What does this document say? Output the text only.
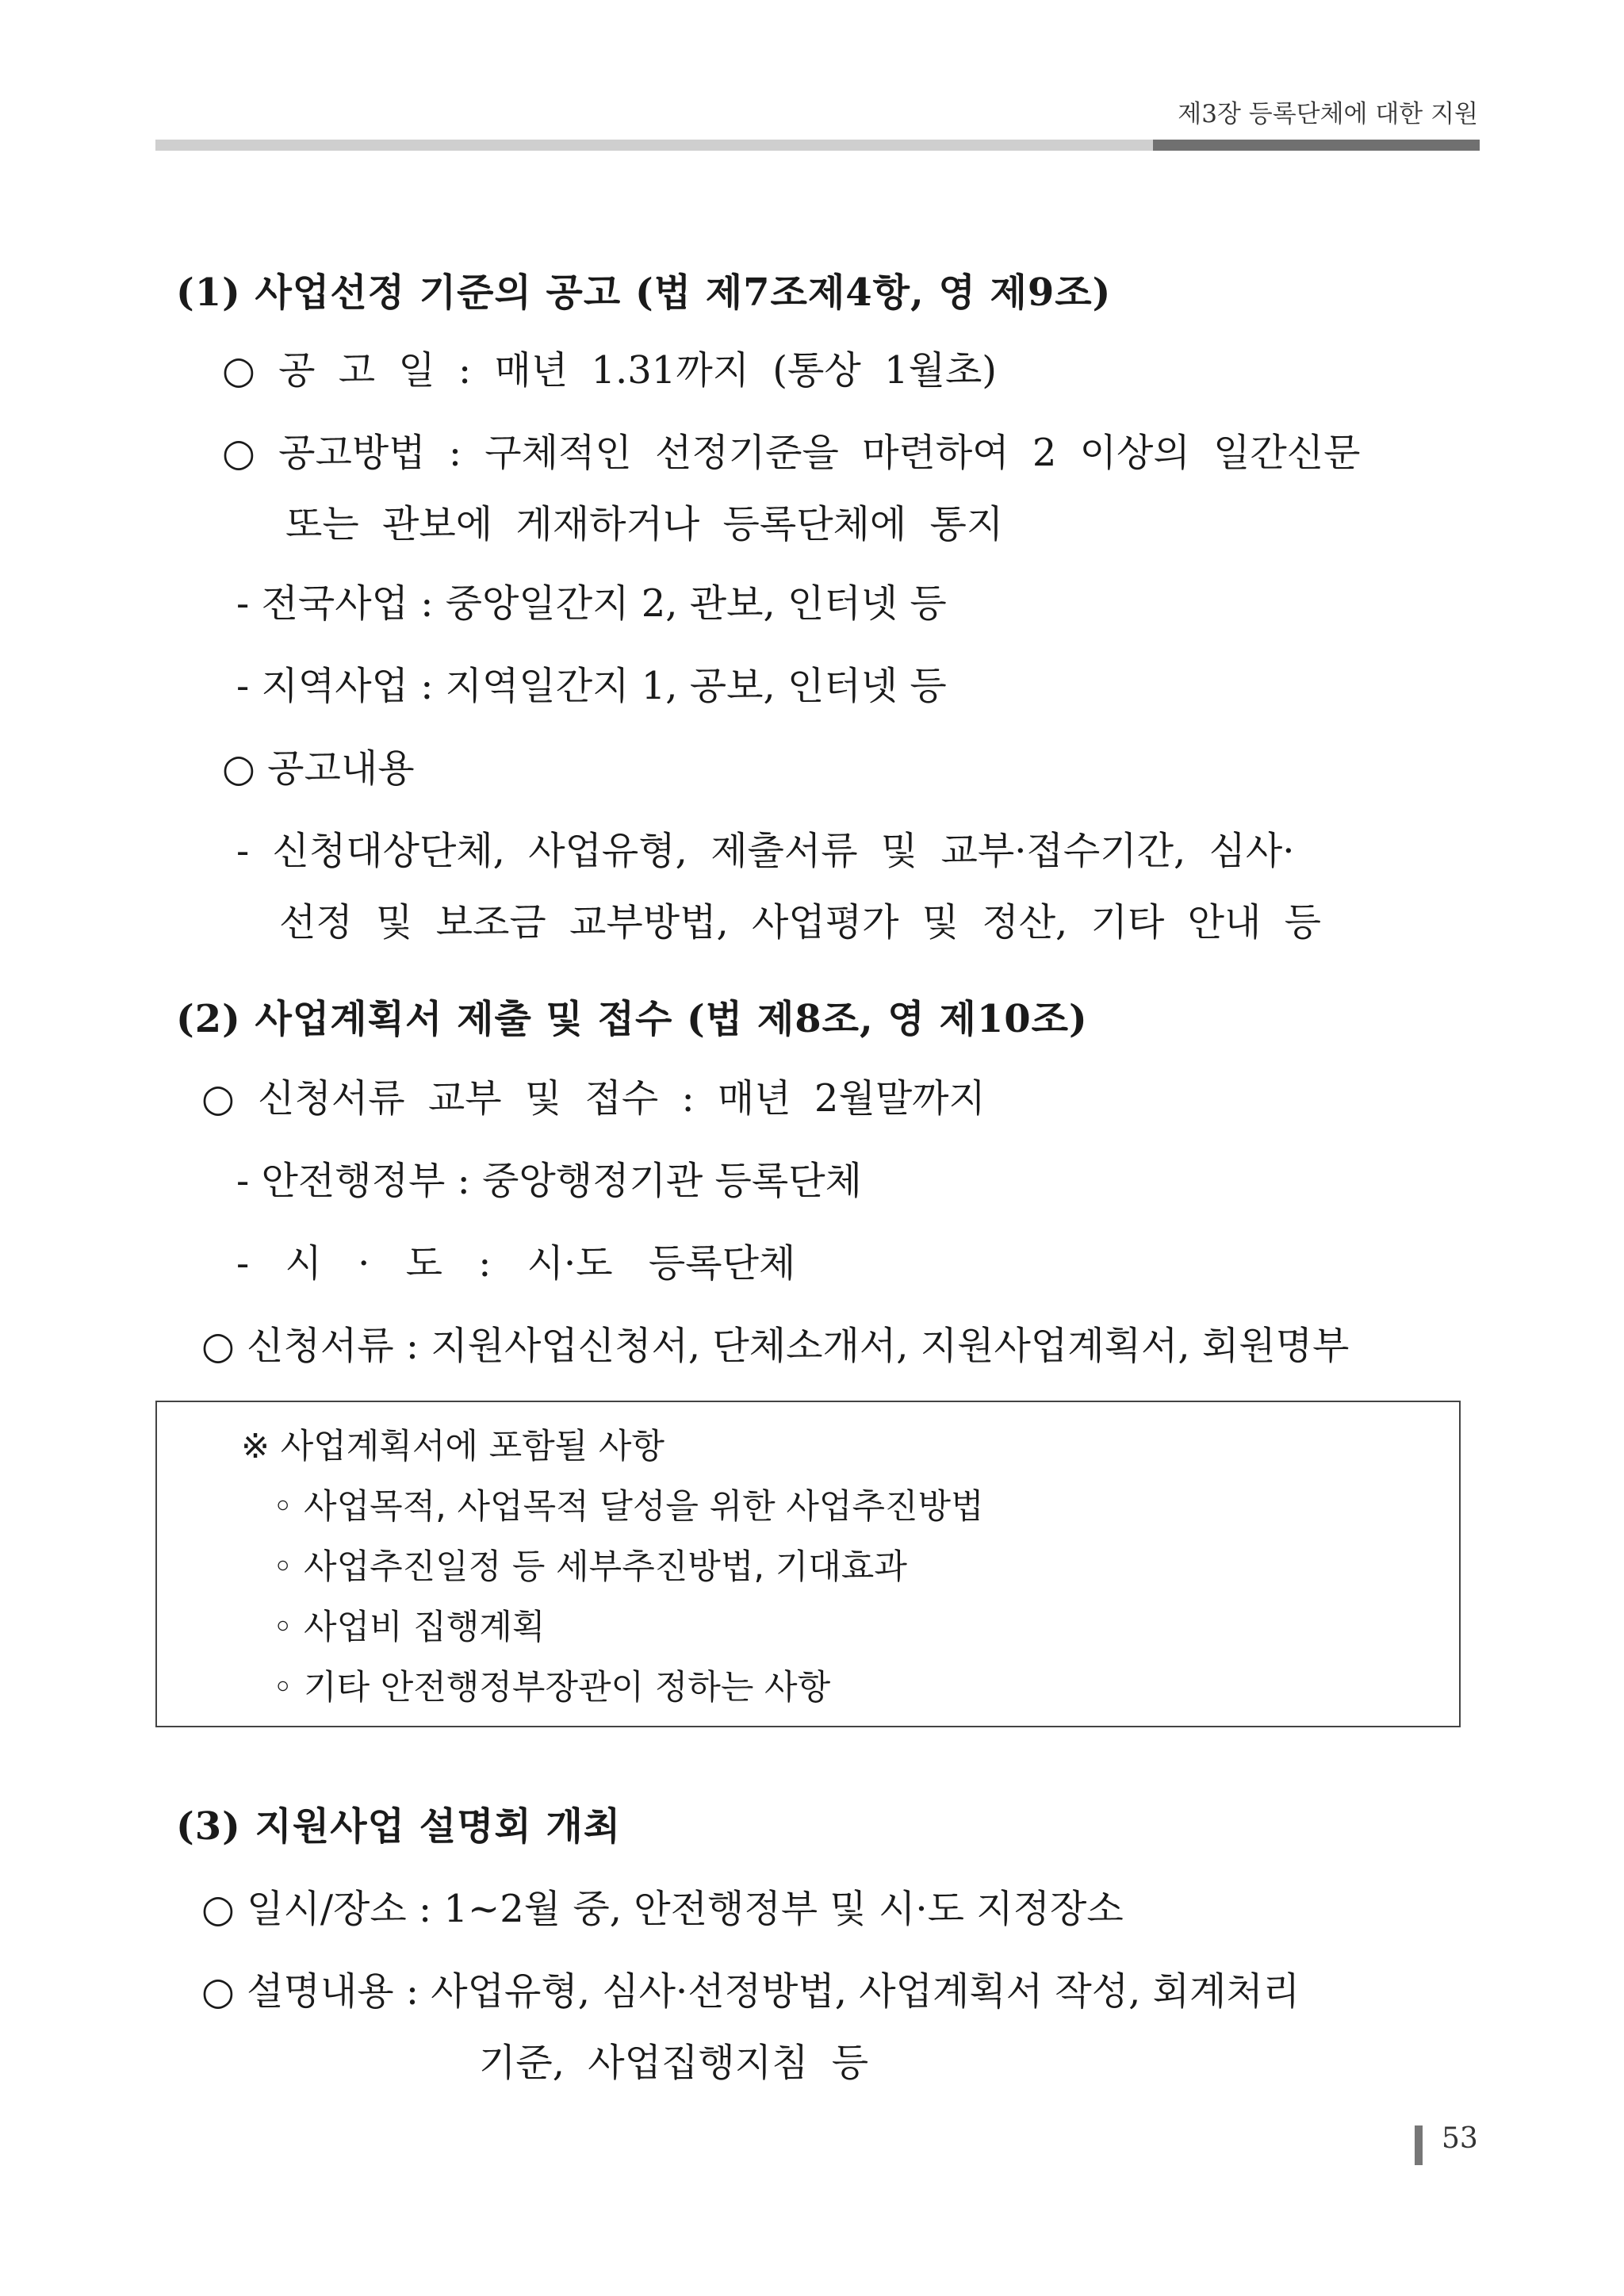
제3장 등록단체에 대한 지원
(1) 사업선정 기준의 공고 (법 제7조제4항, 영 제9조)
○ 공 고 일 : 매년 1.31까지 (통상 1월초)
○ 공고방법 : 구체적인 선정기준을 마련하여 2 이상의 일간신문
또는 관보에 게재하거나 등록단체에 통지
- 전국사업 : 중앙일간지 2, 관보, 인터넷 등
- 지역사업 : 지역일간지 1, 공보, 인터넷 등
○ 공고내용
- 신청대상단체, 사업유형, 제출서류 및 교부·접수기간, 심사·
선정 및 보조금 교부방법, 사업평가 및 정산, 기타 안내 등
(2) 사업계획서 제출 및 접수 (법 제8조, 영 제10조)
○ 신청서류 교부 및 접수 : 매년 2월말까지
- 안전행정부 : 중앙행정기관 등록단체
- 시 · 도 : 시·도 등록단체
○ 신청서류 : 지원사업신청서, 단체소개서, 지원사업계획서, 회원명부
※ 사업계획서에 포함될 사항
◦ 사업목적, 사업목적 달성을 위한 사업추진방법
◦ 사업추진일정 등 세부추진방법, 기대효과
◦ 사업비 집행계획
◦ 기타 안전행정부장관이 정하는 사항
(3) 지원사업 설명회 개최
○ 일시/장소 : 1~2월 중, 안전행정부 및 시·도 지정장소
○ 설명내용 : 사업유형, 심사·선정방법, 사업계획서 작성, 회계처리
기준, 사업집행지침 등
53
